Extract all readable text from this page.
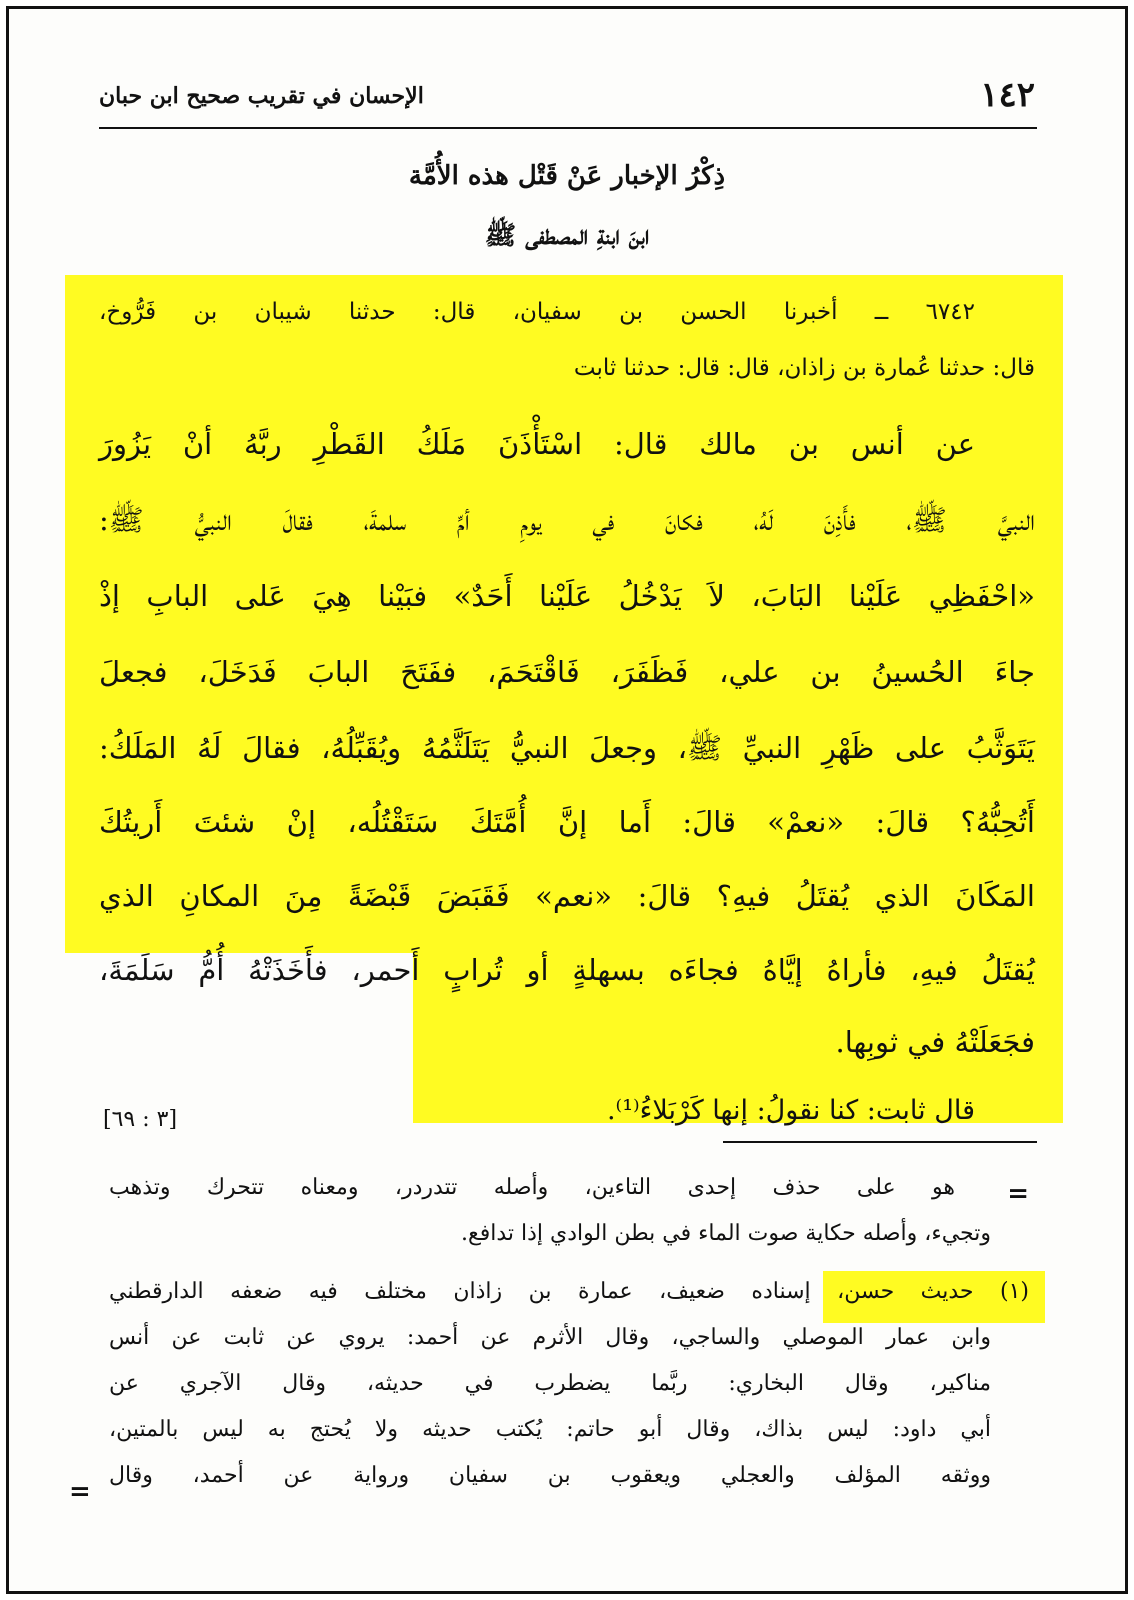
١٤٢
الإحسان في تقريب صحيح ابن حبان
ذِكْرُ الإخبار عَنْ قَتْل هذه الأُمَّة
ابنَ ابنةِ المصطفى ﷺ
٦٧٤٢ ــ أخبرنا الحسن بن سفيان، قال: حدثنا شيبان بن فَرُّوخ،
قال: حدثنا عُمارة بن زاذان، قال: قال: حدثنا ثابت
عن أنس بن مالك قال: اسْتَأْذَنَ مَلَكُ القَطْرِ ربَّهُ أنْ يَزُورَ
النبيَّ ﷺ، فأَذِنَ لَهُ، فكانَ في يومِ أمِّ سلمةَ، فقالَ النبيُّ ﷺ:
«احْفَظِي عَلَيْنا البَابَ، لاَ يَدْخُلُ عَلَيْنا أَحَدٌ» فبَيْنا هِيَ عَلى البابِ إذْ
جاءَ الحُسينُ بن علي، فَظَفَرَ، فَاقْتَحَمَ، ففَتَحَ البابَ فَدَخَلَ، فجعلَ
يَتَوَثَّبُ على ظَهْرِ النبيِّ ﷺ، وجعلَ النبيُّ يَتَلَثَّمُهُ ويُقَبِّلُهُ، فقالَ لَهُ المَلَكُ:
أَتُحِبُّهُ؟ قالَ: «نعمْ» قالَ: أَما إنَّ أُمَّتَكَ سَتَقْتُلُه، إنْ شئتَ أَريتُكَ
المَكَانَ الذي يُقتَلُ فيهِ؟ قالَ: «نعم» فَقَبَضَ قَبْضَةً مِنَ المكانِ الذي
يُقتَلُ فيهِ، فأراهُ إيَّاهُ فجاءَه بسهلةٍ أو تُرابٍ أَحمر، فأَخَذَتْهُ أُمُّ سَلَمَةَ،
فجَعَلَتْهُ في ثوبِها.
قال ثابت: كنا نقولُ: إنها كَرْبَلاءُ⁽¹⁾.
[٣ : ٦٩]
=
هو على حذف إحدى التاءين، وأصله تتدردر، ومعناه تتحرك وتذهب
وتجيء، وأصله حكاية صوت الماء في بطن الوادي إذا تدافع.
(١) حديث حسن، إسناده ضعيف، عمارة بن زاذان مختلف فيه ضعفه الدارقطني
وابن عمار الموصلي والساجي، وقال الأثرم عن أحمد: يروي عن ثابت عن أنس
مناكير، وقال البخاري: ربَّما يضطرب في حديثه، وقال الآجري عن
أبي داود: ليس بذاك، وقال أبو حاتم: يُكتب حديثه ولا يُحتج به ليس بالمتين،
ووثقه المؤلف والعجلي ويعقوب بن سفيان ورواية عن أحمد، وقال
=
